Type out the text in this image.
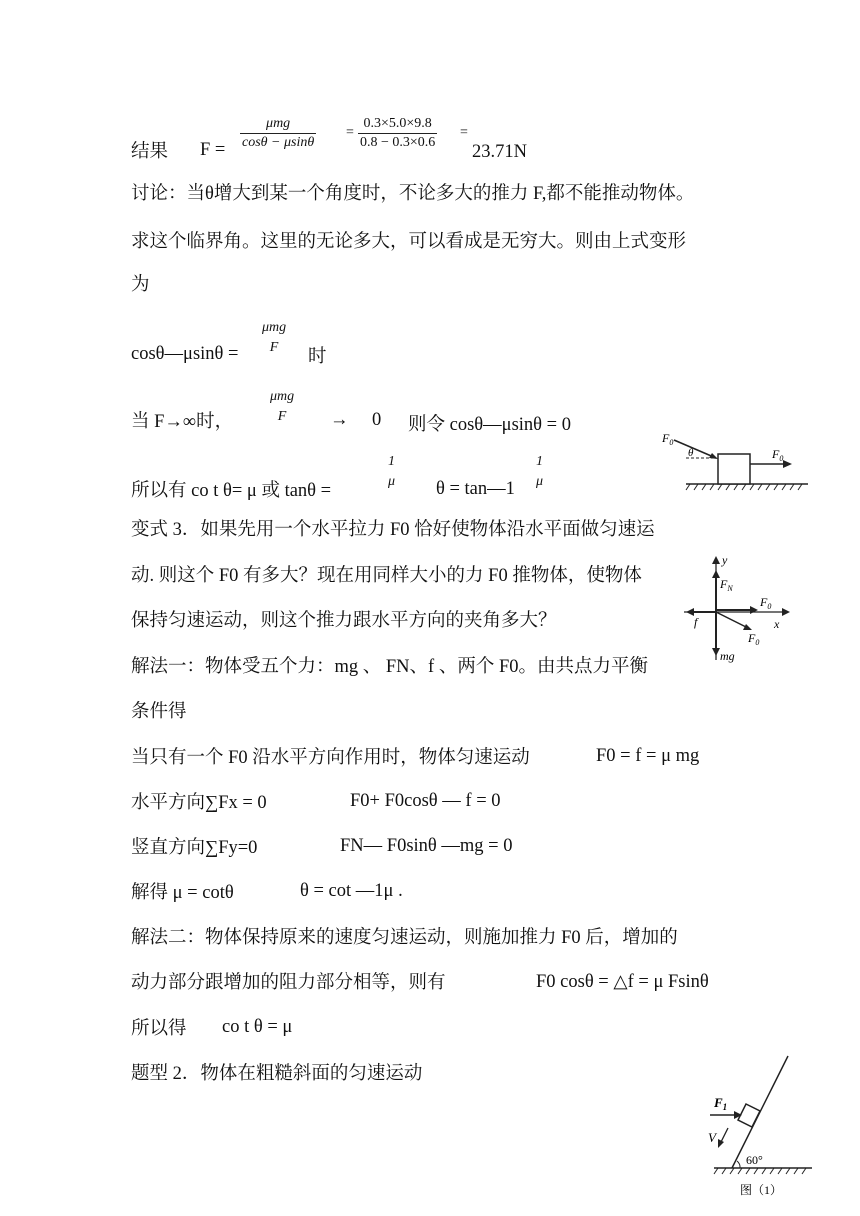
结果 F =
μmg
cosθ − μsinθ
=
0.3×5.0×9.8
0.8 − 0.3×0.6
=
23.71N
讨论：当θ增大到某一个角度时，不论多大的推力 F,都不能推动物体。
求这个临界角。这里的无论多大，可以看成是无穷大。则由上式变形
为
cosθ—μsinθ =
μmg
F	时
当 F→∞时，
μmg
F	→ 0 则令 cosθ—μsinθ = 0
所以有 co t θ= μ 或 tanθ =
1
μ θ = tan—1
1
μ
$F_0$
θ	$F_0$
变式 3．如果先用一个水平拉力 F0 恰好使物体沿水平面做匀速运
动. 则这个 F0 有多大？现在用同样大小的力 F0 推物体，使物体
保持匀速运动，则这个推力跟水平方向的夹角多大？
y
x
$F_N$
$F_0$
$F_0$
f
mg
解法一：物体受五个力：mg 、 FN、f 、两个 F0。由共点力平衡
条件得
当只有一个 F0 沿水平方向作用时，物体匀速运动	F0 = f = μ mg
水平方向∑Fx = 0	F0+ F0cosθ — f = 0
竖直方向∑Fy=0	FN— F0sinθ —mg = 0
解得 μ = cotθ	θ = cot —1μ .
解法二：物体保持原来的速度匀速运动，则施加推力 F0 后，增加的
动力部分跟增加的阻力部分相等，则有	F0 cosθ = △f = μ Fsinθ
所以得 co t θ = μ
题型 2．物体在粗糙斜面的匀速运动
$F_1$
V
60°
图（1）
